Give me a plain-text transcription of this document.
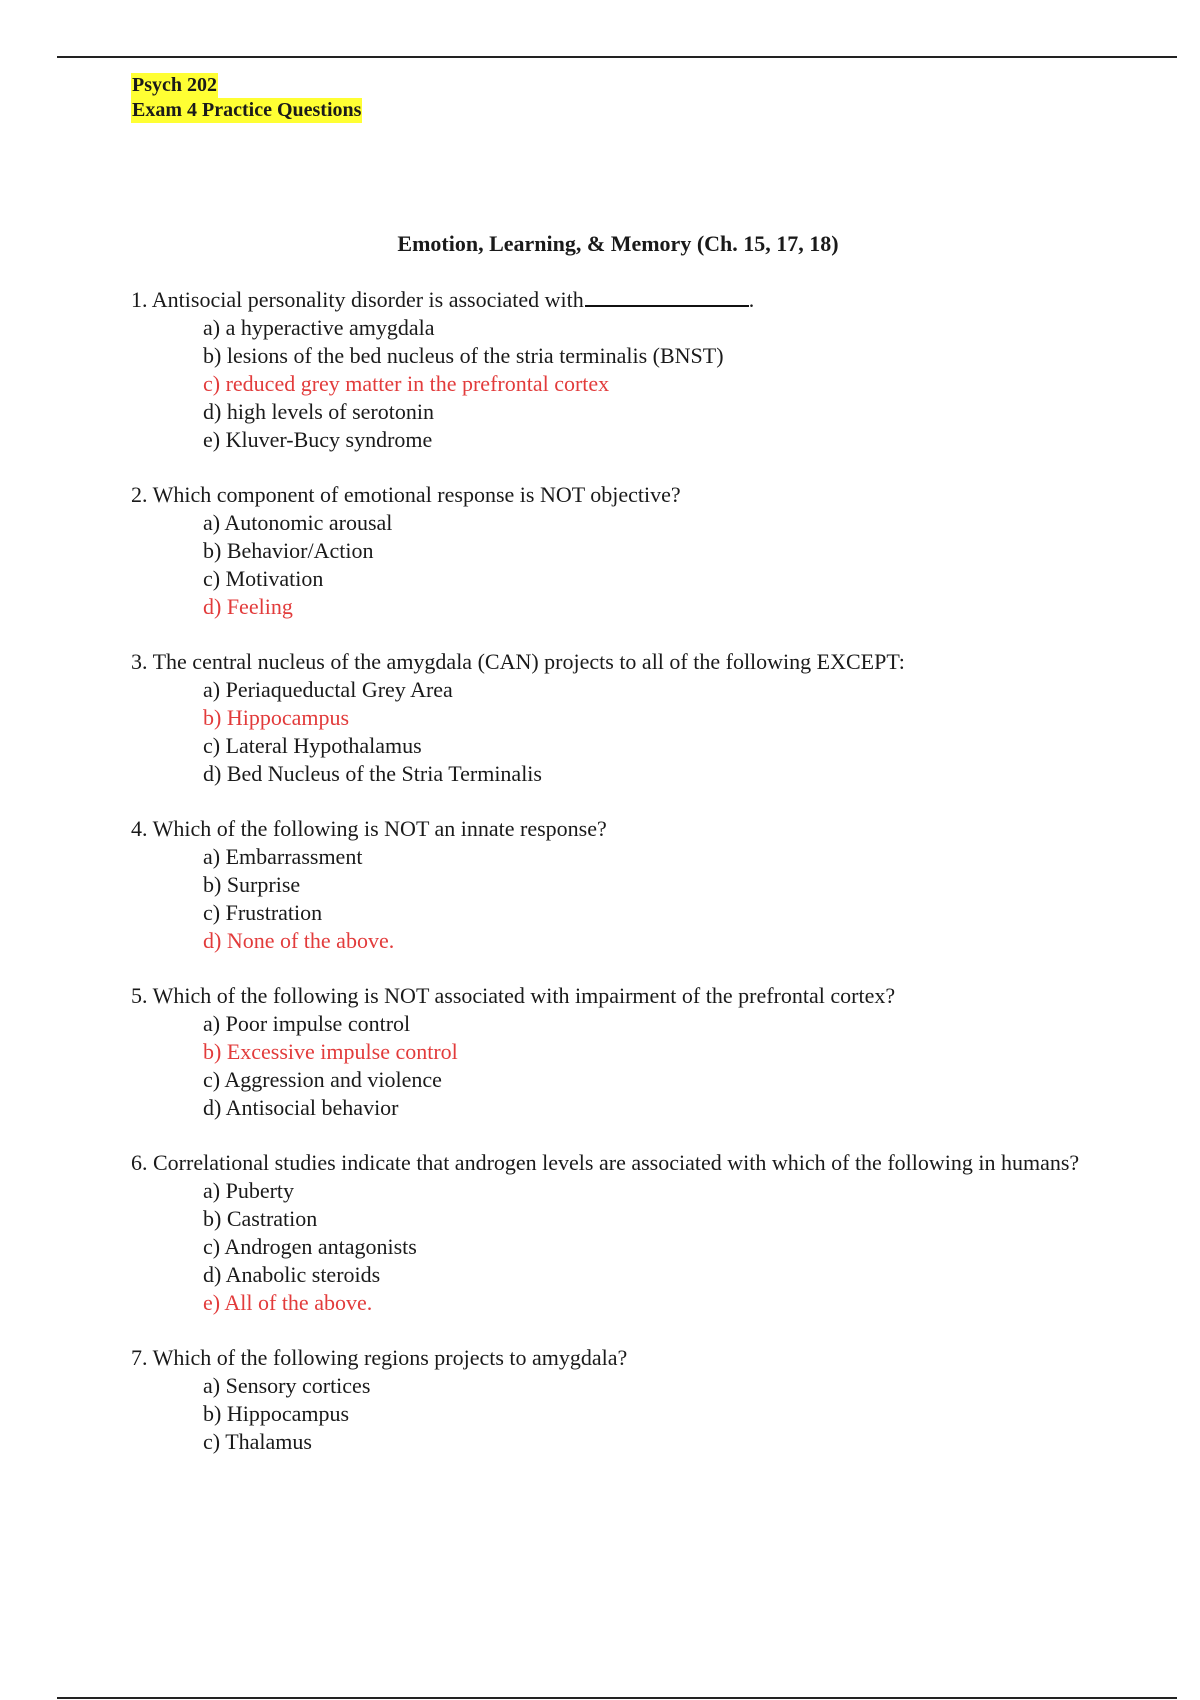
Psych 202
Exam 4 Practice Questions
Emotion, Learning, & Memory (Ch. 15, 17, 18)
1. Antisocial personality disorder is associated with	.
a) a hyperactive amygdala
b) lesions of the bed nucleus of the stria terminalis (BNST)
c) reduced grey matter in the prefrontal cortex
d) high levels of serotonin
e) Kluver-Bucy syndrome
2. Which component of emotional response is NOT objective?
a) Autonomic arousal
b) Behavior/Action
c) Motivation
d) Feeling
3. The central nucleus of the amygdala (CAN) projects to all of the following EXCEPT:
a) Periaqueductal Grey Area
b) Hippocampus
c) Lateral Hypothalamus
d) Bed Nucleus of the Stria Terminalis
4. Which of the following is NOT an innate response?
a) Embarrassment
b) Surprise
c) Frustration
d) None of the above.
5. Which of the following is NOT associated with impairment of the prefrontal cortex?
a) Poor impulse control
b) Excessive impulse control
c) Aggression and violence
d) Antisocial behavior
6. Correlational studies indicate that androgen levels are associated with which of the following in humans?
a) Puberty
b) Castration
c) Androgen antagonists
d) Anabolic steroids
e) All of the above.
7. Which of the following regions projects to amygdala?
a) Sensory cortices
b) Hippocampus
c) Thalamus
